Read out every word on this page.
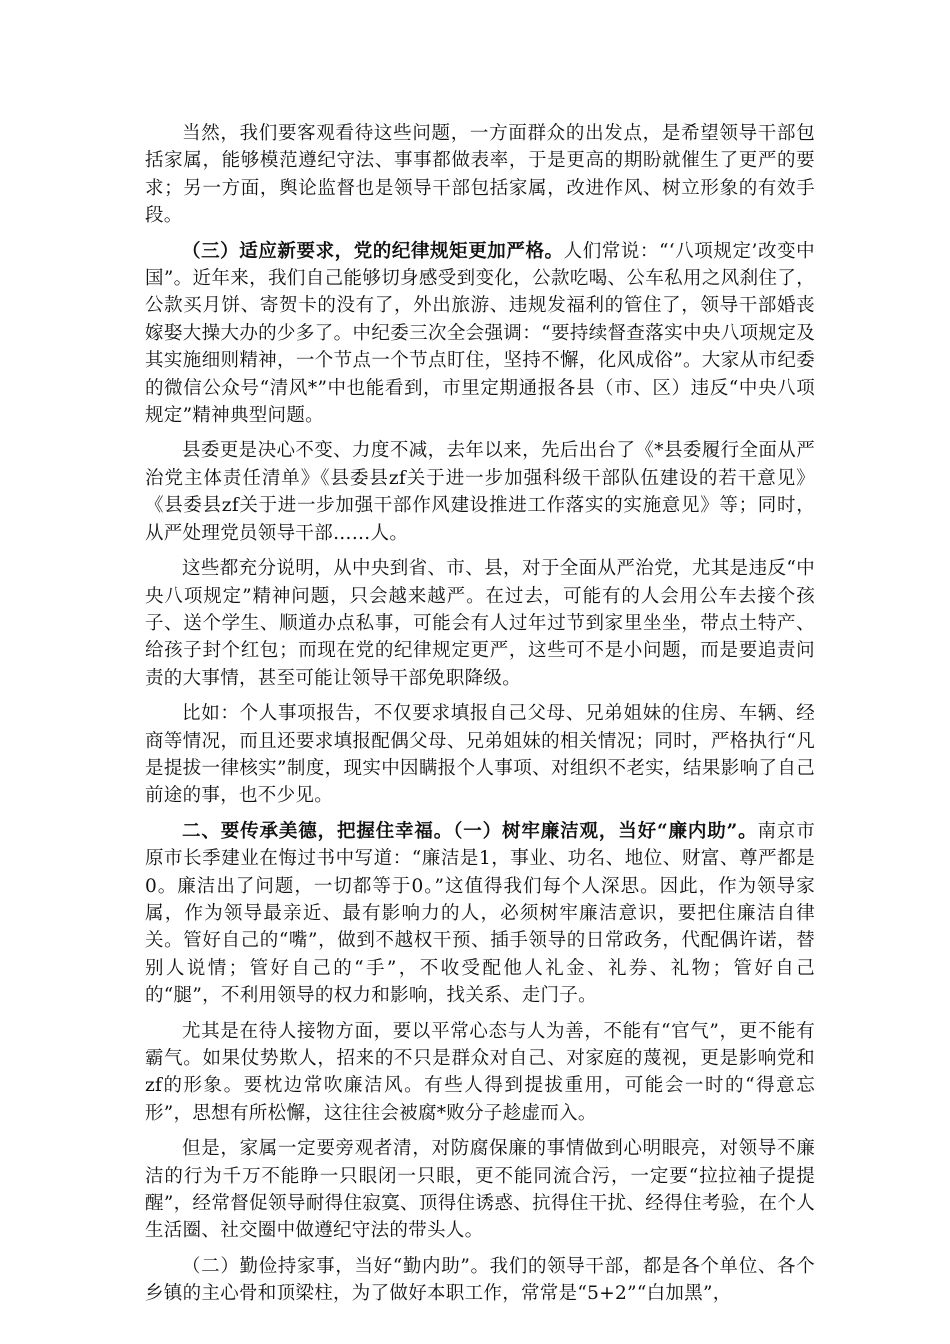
当然，我们要客观看待这些问题，一方面群众的出发点，是希望领导干部包括家属，能够模范遵纪守法、事事都做表率，于是更高的期盼就催生了更严的要求；另一方面，舆论监督也是领导干部包括家属，改进作风、树立形象的有效手段。

（三）适应新要求，党的纪律规矩更加严格。人们常说：“‘八项规定’改变中国”。近年来，我们自己能够切身感受到变化，公款吃喝、公车私用之风刹住了，公款买月饼、寄贺卡的没有了，外出旅游、违规发福利的管住了，领导干部婚丧嫁娶大操大办的少多了。中纪委三次全会强调：“要持续督查落实中央八项规定及其实施细则精神，一个节点一个节点盯住，坚持不懈，化风成俗”。大家从市纪委的微信公众号“清风*”中也能看到，市里定期通报各县（市、区）违反“中央八项规定”精神典型问题。

县委更是决心不变、力度不减，去年以来，先后出台了《*县委履行全面从严治党主体责任清单》《县委县zf关于进一步加强科级干部队伍建设的若干意见》《县委县zf关于进一步加强干部作风建设推进工作落实的实施意见》等；同时，从严处理党员领导干部……人。

这些都充分说明，从中央到省、市、县，对于全面从严治党，尤其是违反“中央八项规定”精神问题，只会越来越严。在过去，可能有的人会用公车去接个孩子、送个学生、顺道办点私事，可能会有人过年过节到家里坐坐，带点土特产、给孩子封个红包；而现在党的纪律规定更严，这些可不是小问题，而是要追责问责的大事情，甚至可能让领导干部免职降级。

比如：个人事项报告，不仅要求填报自己父母、兄弟姐妹的住房、车辆、经商等情况，而且还要求填报配偶父母、兄弟姐妹的相关情况；同时，严格执行“凡是提拔一律核实”制度，现实中因瞒报个人事项、对组织不老实，结果影响了自己前途的事，也不少见。

二、要传承美德，把握住幸福。（一）树牢廉洁观，当好“廉内助”。南京市原市长季建业在悔过书中写道：“廉洁是1，事业、功名、地位、财富、尊严都是0。廉洁出了问题，一切都等于0。”这值得我们每个人深思。因此，作为领导家属，作为领导最亲近、最有影响力的人，必须树牢廉洁意识，要把住廉洁自律关。管好自己的“嘴”，做到不越权干预、插手领导的日常政务，代配偶许诺，替别人说情；管好自己的“手”，不收受配他人礼金、礼券、礼物；管好自己的“腿”，不利用领导的权力和影响，找关系、走门子。

尤其是在待人接物方面，要以平常心态与人为善，不能有“官气”，更不能有霸气。如果仗势欺人，招来的不只是群众对自己、对家庭的蔑视，更是影响党和zf的形象。要枕边常吹廉洁风。有些人得到提拔重用，可能会一时的“得意忘形”，思想有所松懈，这往往会被腐*败分子趁虚而入。

但是，家属一定要旁观者清，对防腐保廉的事情做到心明眼亮，对领导不廉洁的行为千万不能睁一只眼闭一只眼，更不能同流合污，一定要“拉拉袖子提提醒”，经常督促领导耐得住寂寞、顶得住诱惑、抗得住干扰、经得住考验，在个人生活圈、社交圈中做遵纪守法的带头人。

（二）勤俭持家事，当好“勤内助”。我们的领导干部，都是各个单位、各个乡镇的主心骨和顶梁柱，为了做好本职工作，常常是“5+2”“白加黑”，
